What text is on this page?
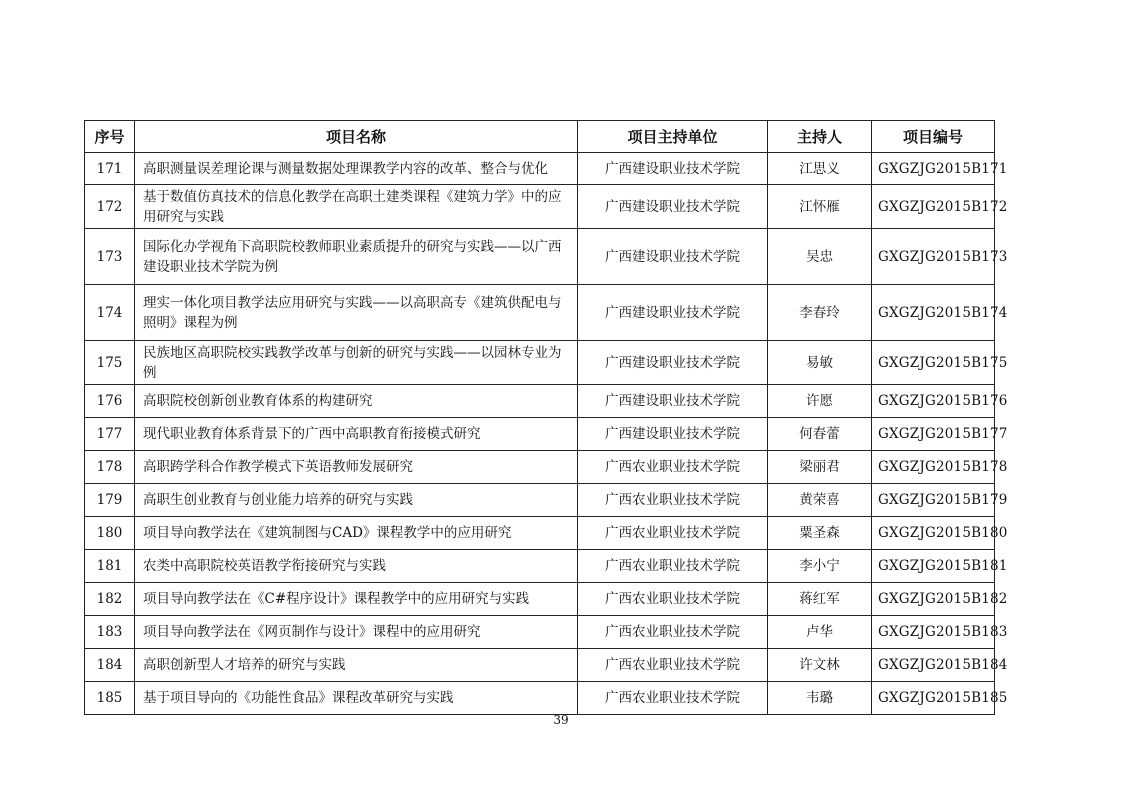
序号	项目名称	项目主持单位	主持人	项目编号
171	高职测量误差理论课与测量数据处理课教学内容的改革、整合与优化	广西建设职业技术学院	江思义	GXGZJG2015B171
172	基于数值仿真技术的信息化教学在高职土建类课程《建筑力学》中的应用研究与实践	广西建设职业技术学院	江怀雁	GXGZJG2015B172
173	国际化办学视角下高职院校教师职业素质提升的研究与实践——以广西建设职业技术学院为例	广西建设职业技术学院	吴忠	GXGZJG2015B173
174	理实一体化项目教学法应用研究与实践——以高职高专《建筑供配电与照明》课程为例	广西建设职业技术学院	李春玲	GXGZJG2015B174
175	民族地区高职院校实践教学改革与创新的研究与实践——以园林专业为例	广西建设职业技术学院	易敏	GXGZJG2015B175
176	高职院校创新创业教育体系的构建研究	广西建设职业技术学院	许愿	GXGZJG2015B176
177	现代职业教育体系背景下的广西中高职教育衔接模式研究	广西建设职业技术学院	何春蕾	GXGZJG2015B177
178	高职跨学科合作教学模式下英语教师发展研究	广西农业职业技术学院	梁丽君	GXGZJG2015B178
179	高职生创业教育与创业能力培养的研究与实践	广西农业职业技术学院	黄荣喜	GXGZJG2015B179
180	项目导向教学法在《建筑制图与CAD》课程教学中的应用研究	广西农业职业技术学院	粟圣森	GXGZJG2015B180
181	农类中高职院校英语教学衔接研究与实践	广西农业职业技术学院	李小宁	GXGZJG2015B181
182	项目导向教学法在《C#程序设计》课程教学中的应用研究与实践	广西农业职业技术学院	蒋红军	GXGZJG2015B182
183	项目导向教学法在《网页制作与设计》课程中的应用研究	广西农业职业技术学院	卢华	GXGZJG2015B183
184	高职创新型人才培养的研究与实践	广西农业职业技术学院	许文林	GXGZJG2015B184
185	基于项目导向的《功能性食品》课程改革研究与实践	广西农业职业技术学院	韦璐	GXGZJG2015B185
39
